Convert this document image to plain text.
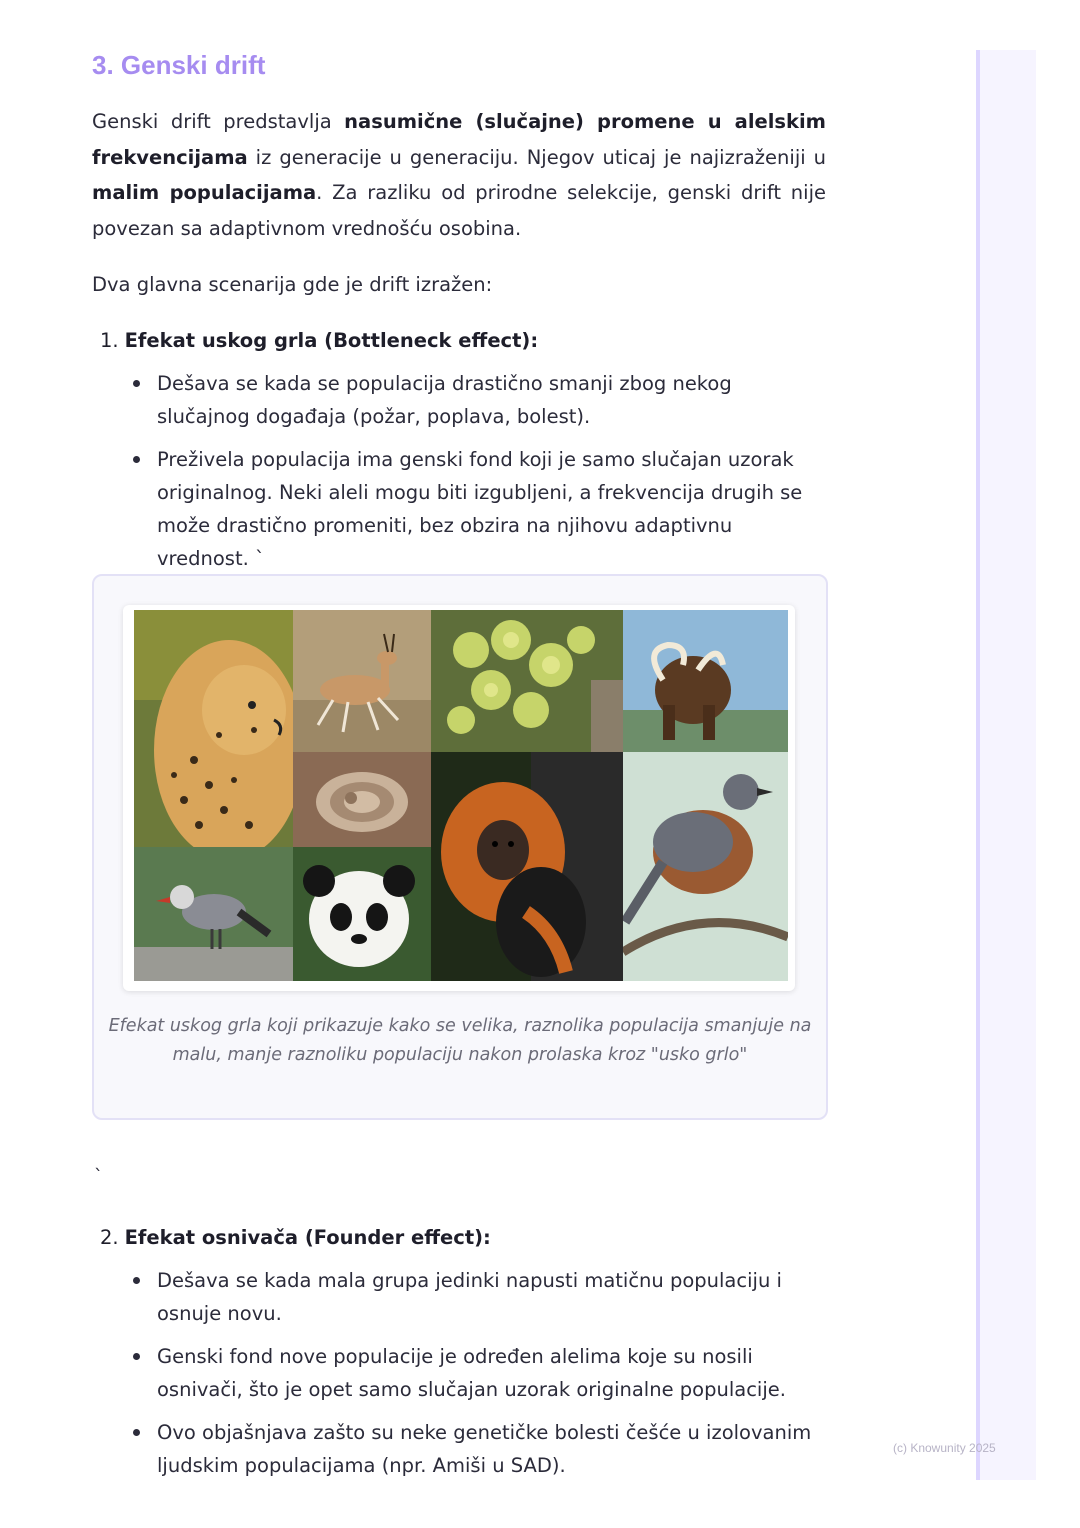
3. Genski drift

Genski drift predstavlja nasumične (slučajne) promene u alelskim frekvencijama iz generacije u generaciju. Njegov uticaj je najizraženiji u malim populacijama. Za razliku od prirodne selekcije, genski drift nije povezan sa adaptivnom vrednošću osobina.

Dva glavna scenarija gde je drift izražen:

1. Efekat uskog grla (Bottleneck effect):
Dešava se kada se populacija drastično smanji zbog nekog slučajnog događaja (požar, poplava, bolest).
Preživela populacija ima genski fond koji je samo slučajan uzorak originalnog. Neki aleli mogu biti izgubljeni, a frekvencija drugih se može drastično promeniti, bez obzira na njihovu adaptivnu vrednost. `
Efekat uskog grla koji prikazuje kako se velika, raznolika populacija smanjuje na malu, manje raznoliku populaciju nakon prolaska kroz "usko grlo"
`
2. Efekat osnivača (Founder effect):
Dešava se kada mala grupa jedinki napusti matičnu populaciju i osnuje novu.
Genski fond nove populacije je određen alelima koje su nosili osnivači, što je opet samo slučajan uzorak originalne populacije.
Ovo objašnjava zašto su neke genetičke bolesti češće u izolovanim ljudskim populacijama (npr. Amiši u SAD).
(c) Knowunity 2025
